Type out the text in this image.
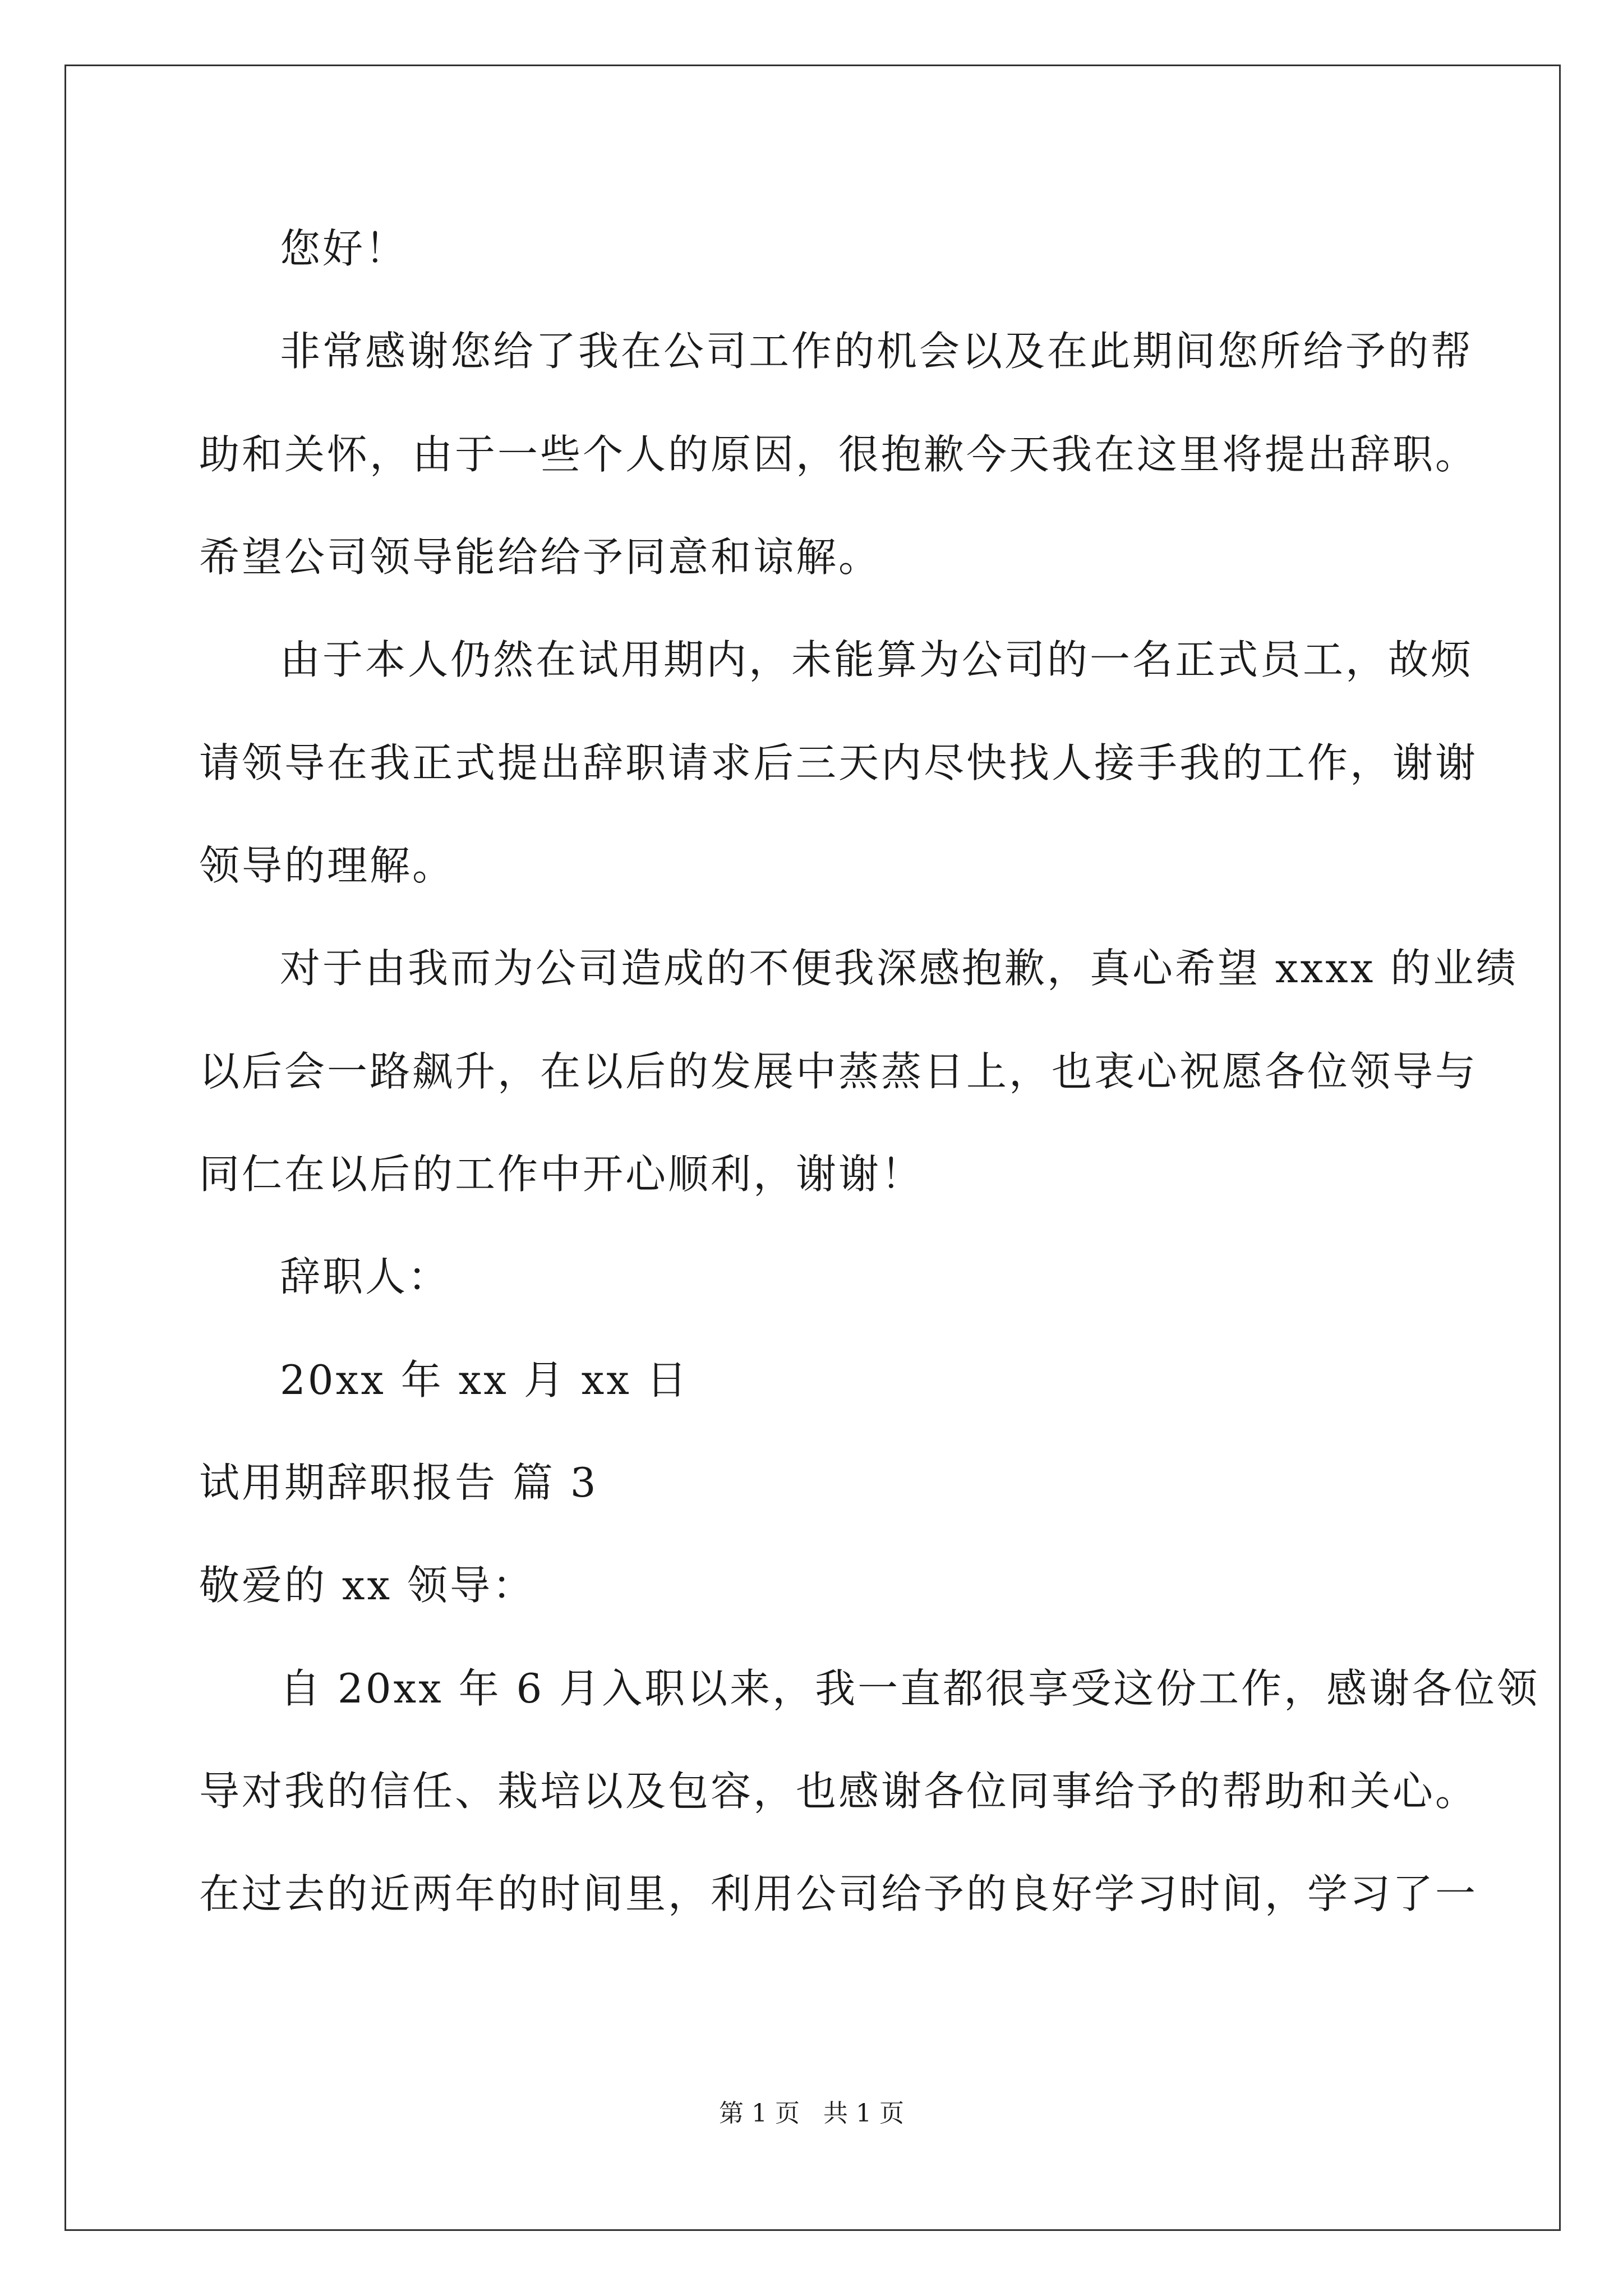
您好！
非常感谢您给了我在公司工作的机会以及在此期间您所给予的帮
助和关怀，由于一些个人的原因，很抱歉今天我在这里将提出辞职。
希望公司领导能给给予同意和谅解。
由于本人仍然在试用期内，未能算为公司的一名正式员工，故烦
请领导在我正式提出辞职请求后三天内尽快找人接手我的工作，谢谢
领导的理解。
对于由我而为公司造成的不便我深感抱歉，真心希望 xxxx 的业绩
以后会一路飙升，在以后的发展中蒸蒸日上，也衷心祝愿各位领导与
同仁在以后的工作中开心顺利，谢谢！
辞职人：
20xx 年 xx 月 xx 日
试用期辞职报告 篇 3
敬爱的 xx 领导：
自 20xx 年 6 月入职以来，我一直都很享受这份工作，感谢各位领
导对我的信任、栽培以及包容，也感谢各位同事给予的帮助和关心。
在过去的近两年的时间里，利用公司给予的良好学习时间，学习了一
第 1 页   共 1 页
